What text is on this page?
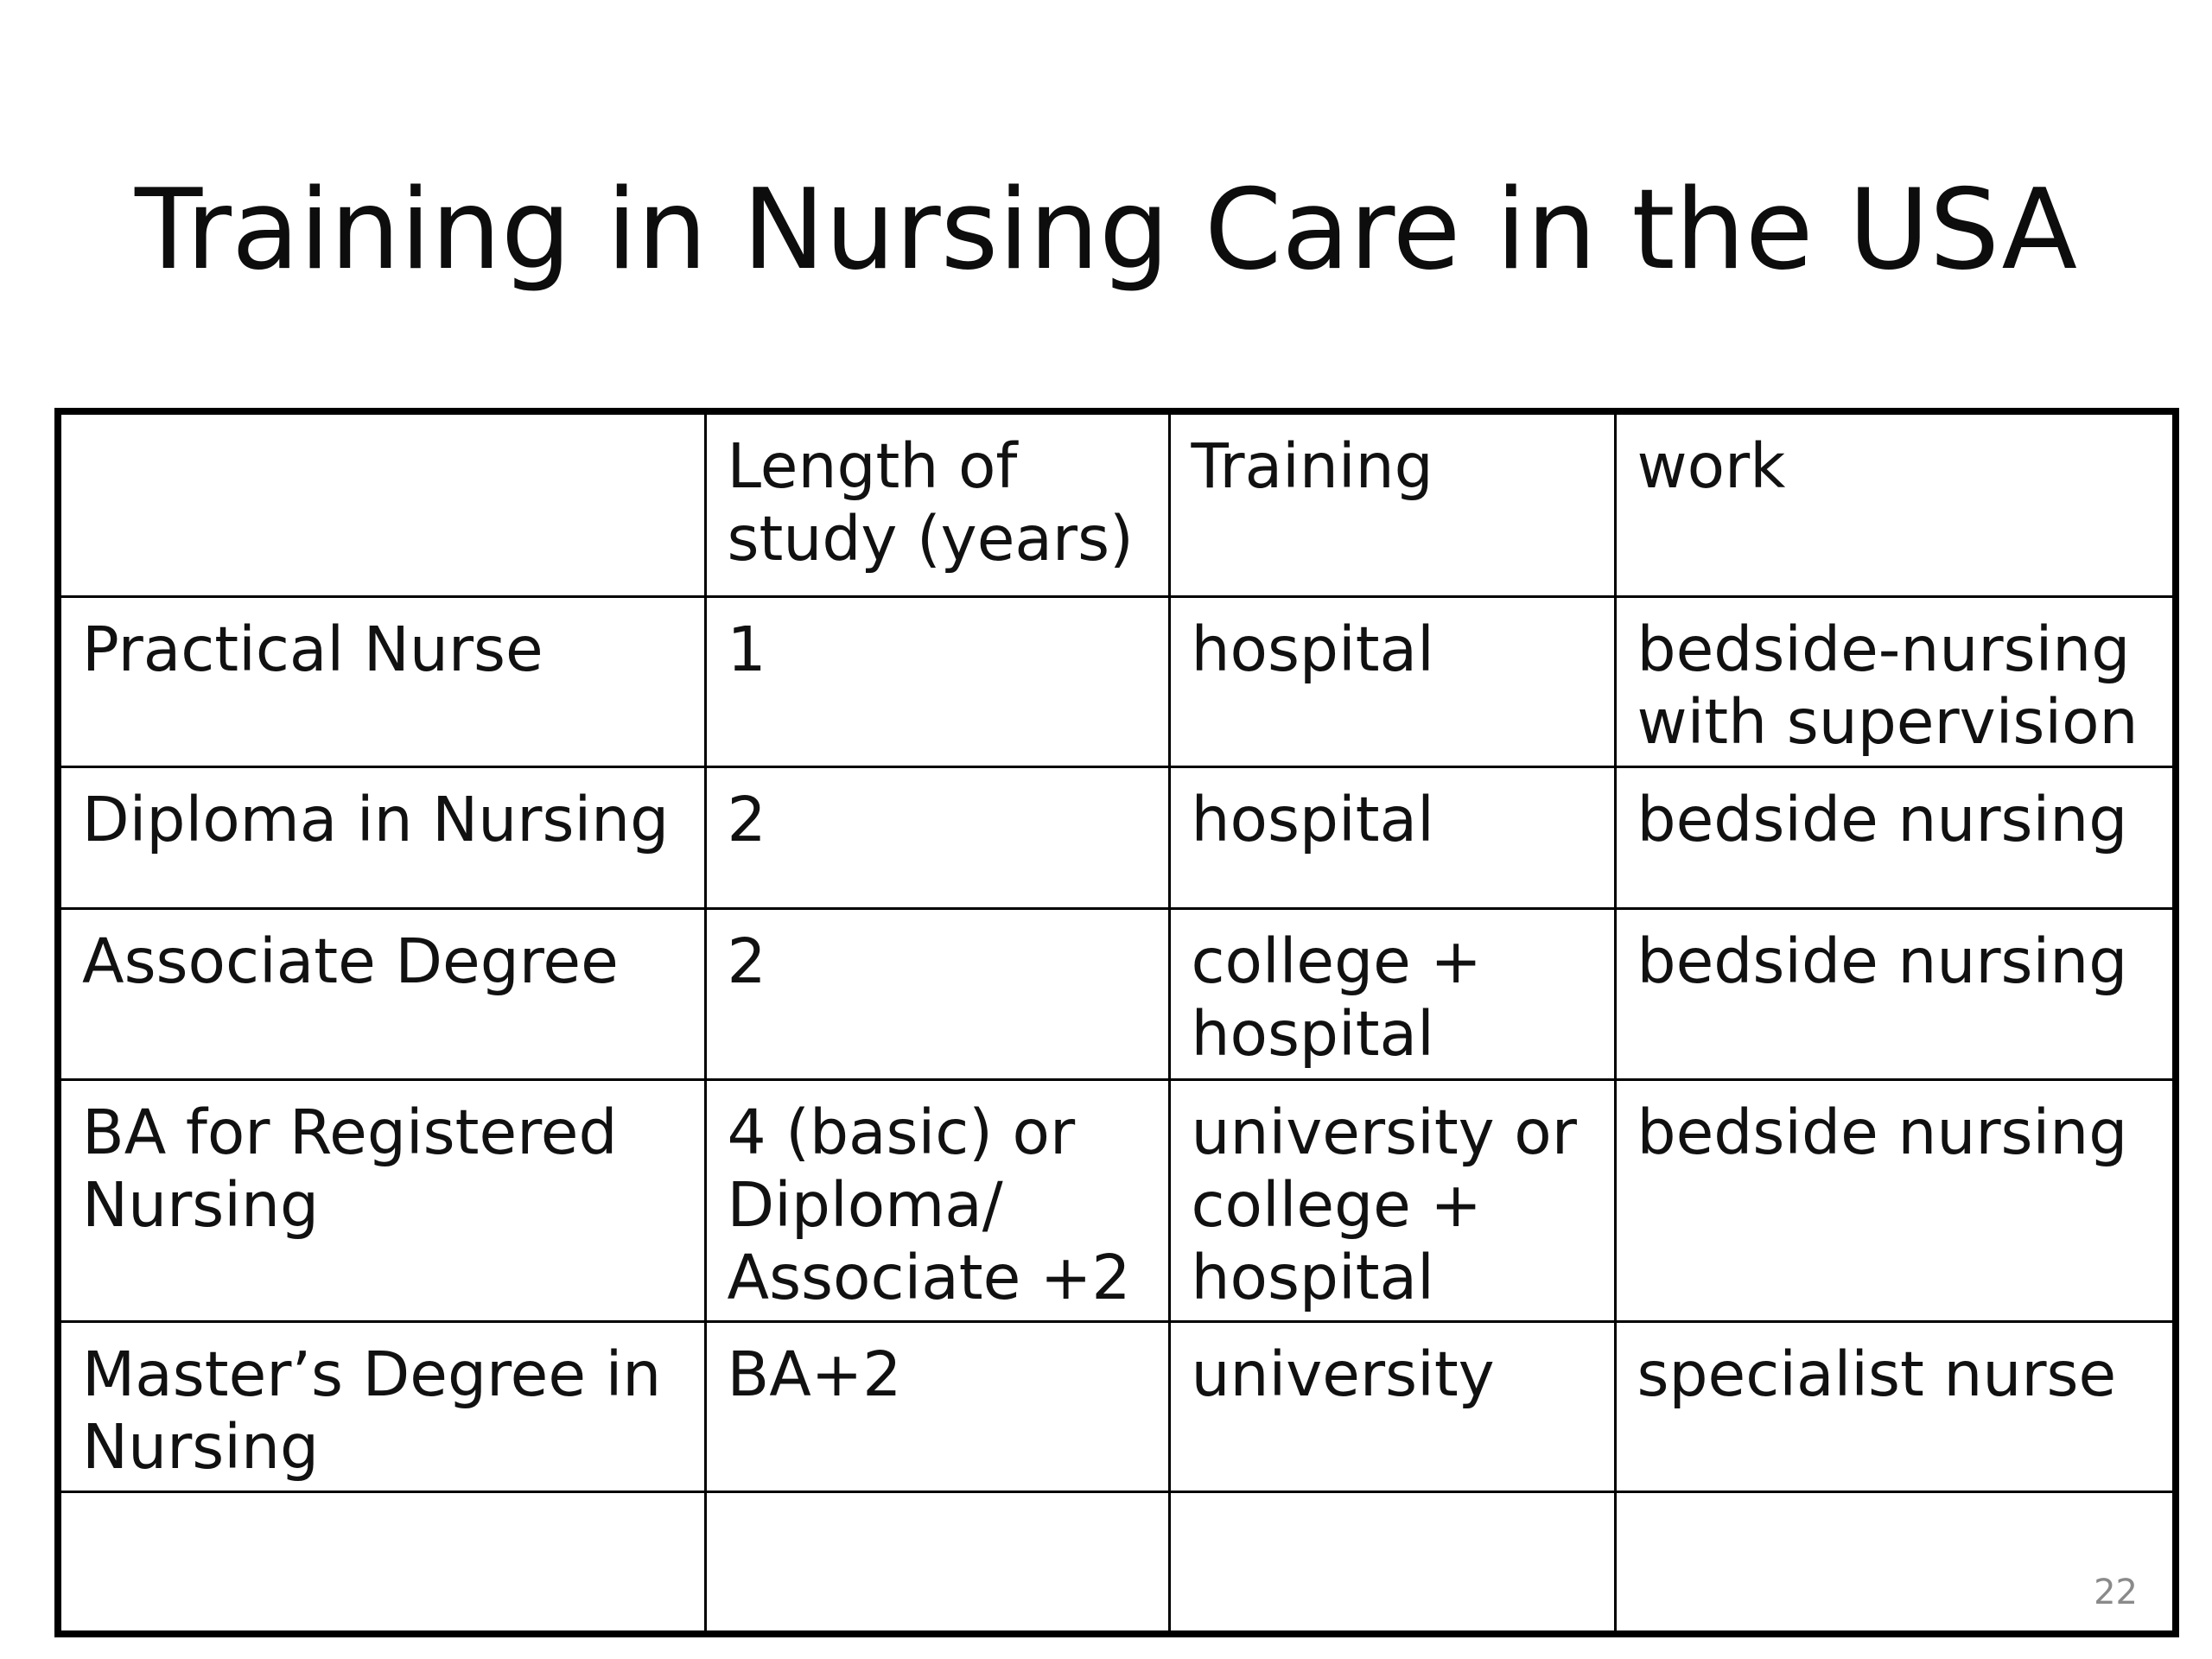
Training in Nursing Care in the USA
	Length of study (years)	Training	work
Practical Nurse	1	hospital	bedside-nursing with supervision
Diploma in Nursing	2	hospital	bedside nursing
Associate Degree	2	college + hospital	bedside nursing
BA for Registered Nursing	4 (basic) or Diploma/ Associate +2	university or college + hospital	bedside nursing
Master’s Degree in Nursing	BA+2	university	specialist nurse

22
